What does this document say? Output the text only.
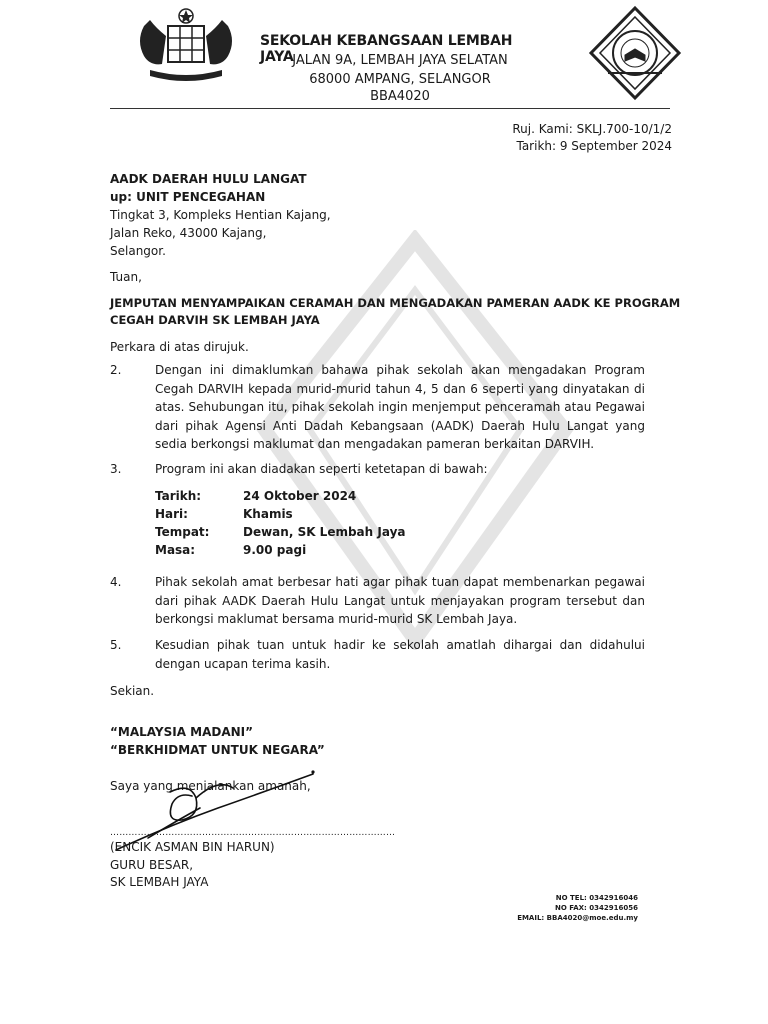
SEKOLAH KEBANGSAAN LEMBAH JAYA
JALAN 9A, LEMBAH JAYA SELATAN
68000 AMPANG, SELANGOR
BBA4020
Ruj. Kami: SKLJ.700-10/1/2
Tarikh: 9 September 2024
AADK DAERAH HULU LANGAT
up: UNIT PENCEGAHAN
Tingkat 3, Kompleks Hentian Kajang,
Jalan Reko, 43000 Kajang,
Selangor.
Tuan,
JEMPUTAN MENYAMPAIKAN CERAMAH DAN MENGADAKAN PAMERAN AADK KE PROGRAM
CEGAH DARVIH SK LEMBAH JAYA
Perkara di atas dirujuk.
2.	Dengan ini dimaklumkan bahawa pihak sekolah akan mengadakan Program Cegah DARVIH kepada murid-murid tahun 4, 5 dan 6 seperti yang dinyatakan di atas. Sehubungan itu, pihak sekolah ingin menjemput penceramah atau Pegawai dari pihak Agensi Anti Dadah Kebangsaan (AADK) Daerah Hulu Langat yang sedia berkongsi maklumat dan mengadakan pameran berkaitan DARVIH.
3.	Program ini akan diadakan seperti ketetapan di bawah:
Tarikh:	24 Oktober 2024
Hari:	Khamis
Tempat:	Dewan, SK Lembah Jaya
Masa:	9.00 pagi
4.	Pihak sekolah amat berbesar hati agar pihak tuan dapat membenarkan pegawai dari pihak AADK Daerah Hulu Langat untuk menjayakan program tersebut dan berkongsi maklumat bersama murid-murid SK Lembah Jaya.
5.	Kesudian pihak tuan untuk hadir ke sekolah amatlah dihargai dan didahului dengan ucapan terima kasih.
Sekian.
“MALAYSIA MADANI”
“BERKHIDMAT UNTUK NEGARA”
Saya yang menjalankan amanah,
…………………………………………………………………………………
(ENCIK ASMAN BIN HARUN)
GURU BESAR,
SK LEMBAH JAYA
NO TEL: 0342916046
NO FAX: 0342916056
EMAIL: BBA4020@moe.edu.my
